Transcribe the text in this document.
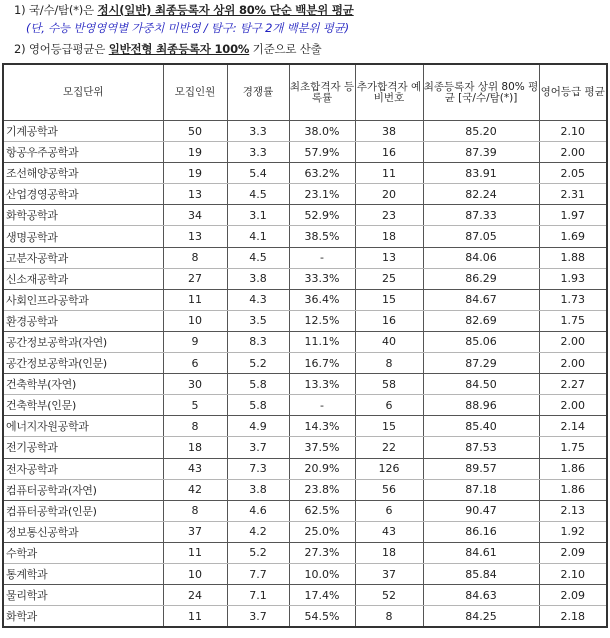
1) 국/수/탐(*)은 정시(일반) 최종등록자 상위 80% 단순 백분위 평균
(단, 수능 반영영역별 가중치 미반영 / 탐구: 탐구 2개 백분위 평균)
2) 영어등급평균은 일반전형 최종등록자 100% 기준으로 산출
모집단위	모집인원	경쟁률	최초합격자 등록률	추가합격자 예비번호	최종등록자 상위 80% 평균 [국/수/탐(*)]	영어등급 평균
기계공학과	50	3.3	38.0%	38	85.20	2.10
항공우주공학과	19	3.3	57.9%	16	87.39	2.00
조선해양공학과	19	5.4	63.2%	11	83.91	2.05
산업경영공학과	13	4.5	23.1%	20	82.24	2.31
화학공학과	34	3.1	52.9%	23	87.33	1.97
생명공학과	13	4.1	38.5%	18	87.05	1.69
고분자공학과	8	4.5	-	13	84.06	1.88
신소재공학과	27	3.8	33.3%	25	86.29	1.93
사회인프라공학과	11	4.3	36.4%	15	84.67	1.73
환경공학과	10	3.5	12.5%	16	82.69	1.75
공간정보공학과(자연)	9	8.3	11.1%	40	85.06	2.00
공간정보공학과(인문)	6	5.2	16.7%	8	87.29	2.00
건축학부(자연)	30	5.8	13.3%	58	84.50	2.27
건축학부(인문)	5	5.8	-	6	88.96	2.00
에너지자원공학과	8	4.9	14.3%	15	85.40	2.14
전기공학과	18	3.7	37.5%	22	87.53	1.75
전자공학과	43	7.3	20.9%	126	89.57	1.86
컴퓨터공학과(자연)	42	3.8	23.8%	56	87.18	1.86
컴퓨터공학과(인문)	8	4.6	62.5%	6	90.47	2.13
정보통신공학과	37	4.2	25.0%	43	86.16	1.92
수학과	11	5.2	27.3%	18	84.61	2.09
통계학과	10	7.7	10.0%	37	85.84	2.10
물리학과	24	7.1	17.4%	52	84.63	2.09
화학과	11	3.7	54.5%	8	84.25	2.18
